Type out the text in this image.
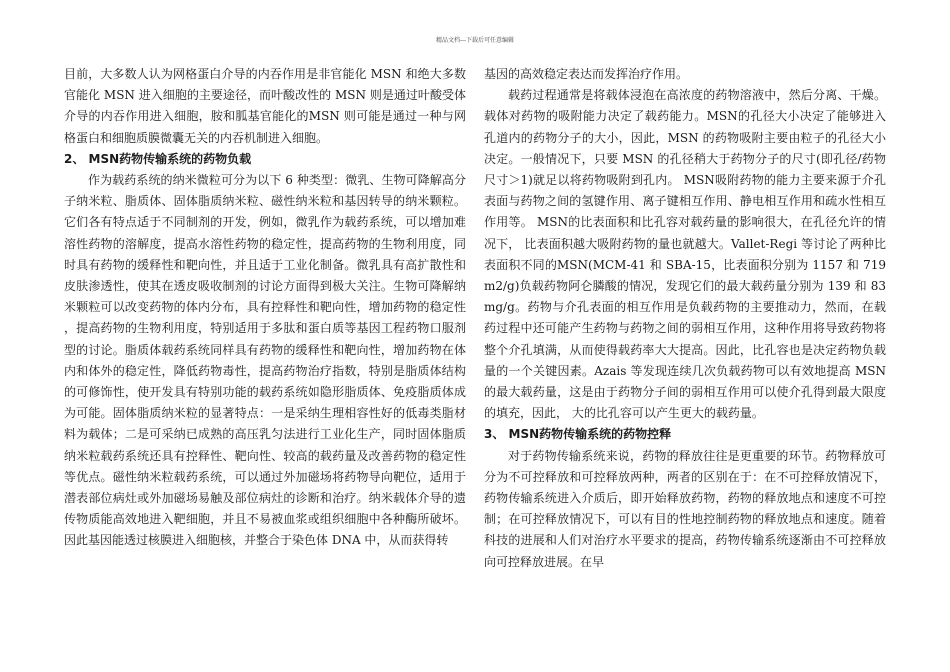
精品文档---下载后可任意编辑

目前，大多数人认为网格蛋白介导的内吞作用是非官能化 MSN 和绝大多数官能化 MSN 进入细胞的主要途径，而叶酸改性的 MSN 则是通过叶酸受体介导的内吞作用进入细胞，胺和胍基官能化的MSN 则可能是通过一种与网格蛋白和细胞质膜微囊无关的内吞机制进入细胞。

2、 MSN药物传输系统的药物负载

作为载药系统的纳米微粒可分为以下 6 种类型：微乳、生物可降解高分子纳米粒、脂质体、固体脂质纳米粒、磁性纳米粒和基因转导的纳米颗粒。它们各有特点适于不同制剂的开发，例如，微乳作为载药系统，可以增加难溶性药物的溶解度，提高水溶性药物的稳定性，提高药物的生物利用度，同时具有药物的缓释性和靶向性，并且适于工业化制备。微乳具有高扩散性和皮肤渗透性，使其在透皮吸收制剂的讨论方面得到极大关注。生物可降解纳米颗粒可以改变药物的体内分布，具有控释性和靶向性，增加药物的稳定性 ，提高药物的生物利用度，特别适用于多肽和蛋白质等基因工程药物口服剂型的讨论。脂质体载药系统同样具有药物的缓释性和靶向性，增加药物在体内和体外的稳定性，降低药物毒性，提高药物治疗指数，特别是脂质体结构的可修饰性，使开发具有特别功能的载药系统如隐形脂质体、免疫脂质体成为可能。固体脂质纳米粒的显著特点：一是采纳生理相容性好的低毒类脂材料为载体；二是可采纳已成熟的高压乳匀法进行工业化生产，同时固体脂质纳米粒载药系统还具有控释性、靶向性、较高的载药量及改善药物的稳定性等优点。磁性纳米粒载药系统，可以通过外加磁场将药物导向靶位，适用于潜表部位病灶或外加磁场易触及部位病灶的诊断和治疗。纳米载体介导的遗传物质能高效地进入靶细胞，并且不易被血浆或组织细胞中各种酶所破坏。因此基因能透过核膜进入细胞核，并整合于染色体 DNA 中，从而获得转

基因的高效稳定表达而发挥治疗作用。

载药过程通常是将载体浸泡在高浓度的药物溶液中，然后分离、干燥。载体对药物的吸附能力决定了载药能力。MSN的孔径大小决定了能够进入孔道内的药物分子的大小，因此，MSN 的药物吸附主要由粒子的孔径大小决定。一般情况下，只要 MSN 的孔径稍大于药物分子的尺寸(即孔径/药物尺寸＞1)就足以将药物吸附到孔内。 MSN吸附药物的能力主要来源于介孔表面与药物之间的氢键作用、离子键相互作用、静电相互作用和疏水性相互作用等。 MSN的比表面积和比孔容对载药量的影响很大，在孔径允许的情况下， 比表面积越大吸附药物的量也就越大。Vallet-Regi 等讨论了两种比表面积不同的MSN(MCM-41 和 SBA-15，比表面积分别为 1157 和 719 m2/g)负载药物阿仑膦酸的情况，发现它们的最大载药量分别为 139 和 83 mg/g。药物与介孔表面的相互作用是负载药物的主要推动力，然而，在载药过程中还可能产生药物与药物之间的弱相互作用，这种作用将导致药物将整个介孔填满，从而使得载药率大大提高。因此，比孔容也是决定药物负载量的一个关键因素。Azais 等发现连续几次负载药物可以有效地提高 MSN 的最大载药量，这是由于药物分子间的弱相互作用可以使介孔得到最大限度的填充，因此， 大的比孔容可以产生更大的载药量。

3、 MSN药物传输系统的药物控释

对于药物传输系统来说，药物的释放往往是更重要的环节。药物释放可分为不可控释放和可控释放两种，两者的区别在于：在不可控释放情况下，药物传输系统进入介质后，即开始释放药物，药物的释放地点和速度不可控制；在可控释放情况下，可以有目的性地控制药物的释放地点和速度。随着科技的进展和人们对治疗水平要求的提高，药物传输系统逐渐由不可控释放向可控释放进展。在早
